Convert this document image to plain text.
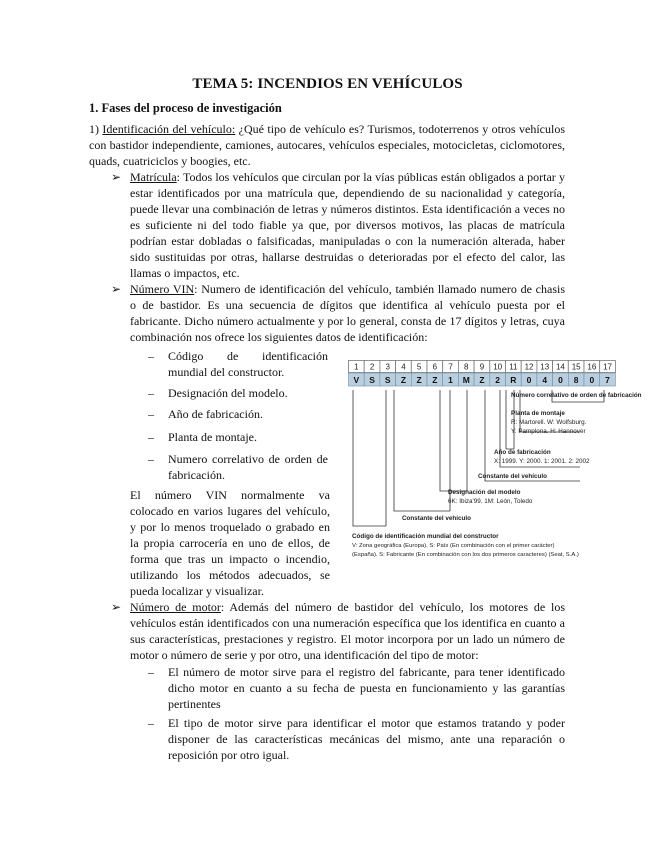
TEMA 5: INCENDIOS EN VEHÍCULOS
1. Fases del proceso de investigación

1) Identificación del vehículo: ¿Qué tipo de vehículo es? Turismos, todoterrenos y otros vehículos con bastidor independiente, camiones, autocares, vehículos especiales, motocicletas, ciclomotores, quads, cuatriciclos y boogies, etc.

➢ Matrícula: Todos los vehículos que circulan por la vías públicas están obligados a portar y estar identificados por una matrícula que, dependiendo de su nacionalidad y categoría, puede llevar una combinación de letras y números distintos. Esta identificación a veces no es suficiente ni del todo fiable ya que, por diversos motivos, las placas de matrícula podrían estar dobladas o falsificadas, manipuladas o con la numeración alterada, haber sido sustituidas por otras, hallarse destruidas o deterioradas por el efecto del calor, las llamas o impactos, etc.

➢ Número VIN: Numero de identificación del vehículo, también llamado numero de chasis o de bastidor. Es una secuencia de dígitos que identifica al vehículo puesta por el fabricante. Dicho número actualmente y por lo general, consta de 17 dígitos y letras, cuya combinación nos ofrece los siguientes datos de identificación:

– Código de identificación mundial del constructor.

– Designación del modelo.

– Año de fabricación.

– Planta de montaje.

– Numero correlativo de orden de fabricación.

El número VIN normalmente va colocado en varios lugares del vehículo, y por lo menos troquelado o grabado en la propia carrocería en uno de ellos, de forma que tras un impacto o incendio, utilizando los métodos adecuados, se pueda localizar y visualizar.

1
V
2
S
3
S
4
Z
5
Z
6
Z
7
1
8
M
9
Z
10
2
11
R
12
0
13
4
14
0
15
8
16
0
17
7
Número correlativo de orden de fabricación
Planta de montaje
R: Martorell. W: Wolfsburg.
Y: Pamplona. H: Hannover
Año de fabricación
X: 1999. Y: 2000. 1: 2001. 2: 2002
Constante del vehículo
Designación del modelo
6K: Ibiza'99. 1M: León, Toledo
Constante del vehículo
Código de identificación mundial del constructor
V: Zona geográfica (Europa). S: País (En combinación con el primer carácter)
(España). S: Fabricante (En combinación con los dos primeros caracteres) (Seat, S.A.)
➢ Número de motor: Además del número de bastidor del vehículo, los motores de los vehículos están identificados con una numeración específica que los identifica en cuanto a sus características, prestaciones y registro. El motor incorpora por un lado un número de motor o número de serie y por otro, una identificación del tipo de motor:

– El número de motor sirve para el registro del fabricante, para tener identificado dicho motor en cuanto a su fecha de puesta en funcionamiento y las garantías pertinentes

– El tipo de motor sirve para identificar el motor que estamos tratando y poder disponer de las características mecánicas del mismo, ante una reparación o reposición por otro igual.
